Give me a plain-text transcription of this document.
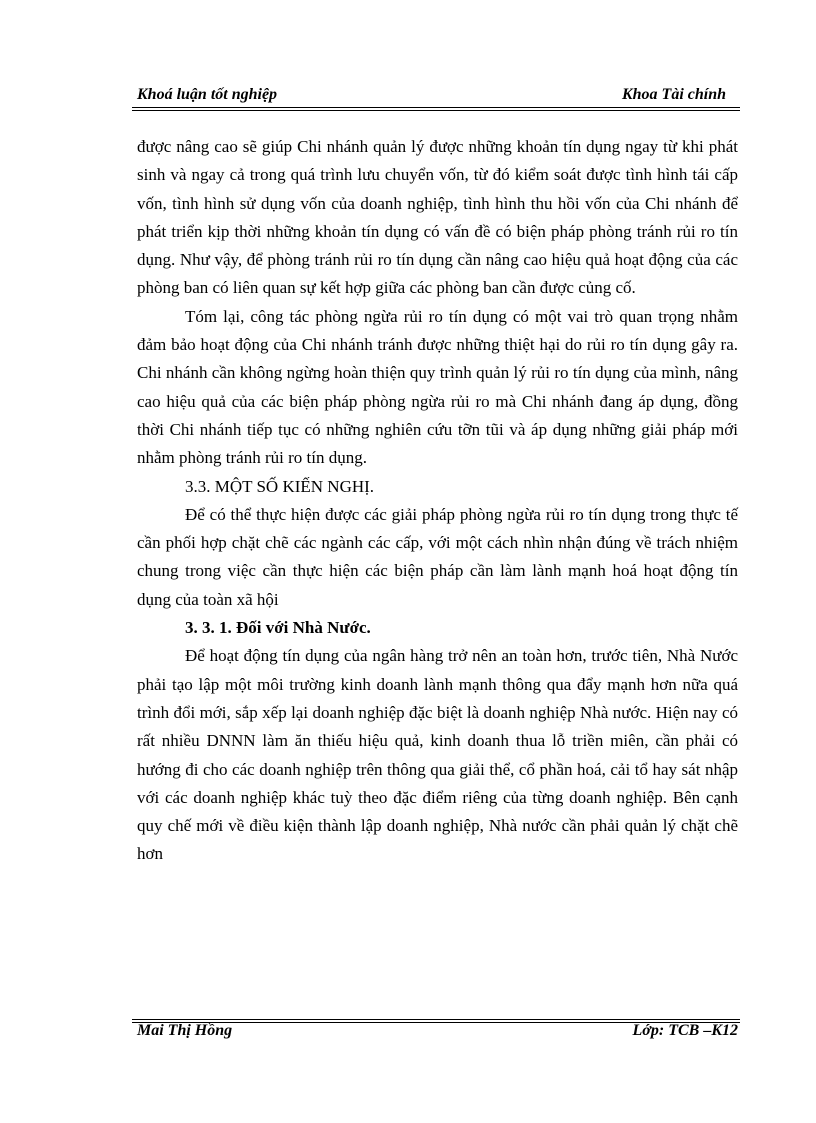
Khoá luận tốt nghiệp	Khoa Tài chính

được nâng cao sẽ giúp Chi nhánh quản lý được những khoản tín dụng ngay từ khi phát sinh và ngay cả trong quá trình lưu chuyển vốn, từ đó kiểm soát được tình hình tái cấp vốn, tình hình sử dụng vốn của doanh nghiệp, tình hình thu hồi vốn của Chi nhánh để phát triển kịp thời những khoản tín dụng có vấn đề có biện pháp phòng tránh rủi ro tín dụng. Như vậy, để phòng tránh rủi ro tín dụng cần nâng cao hiệu quả hoạt động của các phòng ban có liên quan sự kết hợp giữa các phòng ban cần được củng cố.

Tóm lại, công tác phòng ngừa rủi ro tín dụng có một vai trò quan trọng nhằm đảm bảo hoạt động của Chi nhánh tránh được những thiệt hại do rủi ro tín dụng gây ra. Chi nhánh cần không ngừng hoàn thiện quy trình quản lý rủi ro tín dụng của mình, nâng cao hiệu quả của các biện pháp phòng ngừa rủi ro mà Chi nhánh đang áp dụng, đồng thời Chi nhánh tiếp tục có những nghiên cứu tỡn tũi và áp dụng những giải pháp mới nhằm phòng tránh rủi ro tín dụng.

3.3. MỘT SỐ KIẾN NGHỊ.

Để có thể thực hiện được các giải pháp phòng ngừa rủi ro tín dụng trong thực tế cần phối hợp chặt chẽ các ngành các cấp, với một cách nhìn nhận đúng về trách nhiệm chung trong việc cần thực hiện các biện pháp cần làm lành mạnh hoá hoạt động tín dụng của toàn xã hội

3. 3. 1. Đối với Nhà Nước.

Để hoạt động tín dụng của ngân hàng trở nên an toàn hơn, trước tiên, Nhà Nước phải tạo lập một môi trường kinh doanh lành mạnh thông qua đẩy mạnh hơn nữa quá trình đổi mới, sắp xếp lại doanh nghiệp đặc biệt là doanh nghiệp Nhà nước. Hiện nay có rất nhiều DNNN làm ăn thiếu hiệu quả, kinh doanh thua lỗ triền miên, cần phải có hướng đi cho các doanh nghiệp trên thông qua giải thể, cổ phần hoá, cải tổ hay sát nhập với các doanh nghiệp khác tuỳ theo đặc điểm riêng của từng doanh nghiệp. Bên cạnh quy chế mới về điều kiện thành lập doanh nghiệp, Nhà nước cần phải quản lý chặt chẽ hơn

Mai Thị Hồng	Lớp: TCB –K12
